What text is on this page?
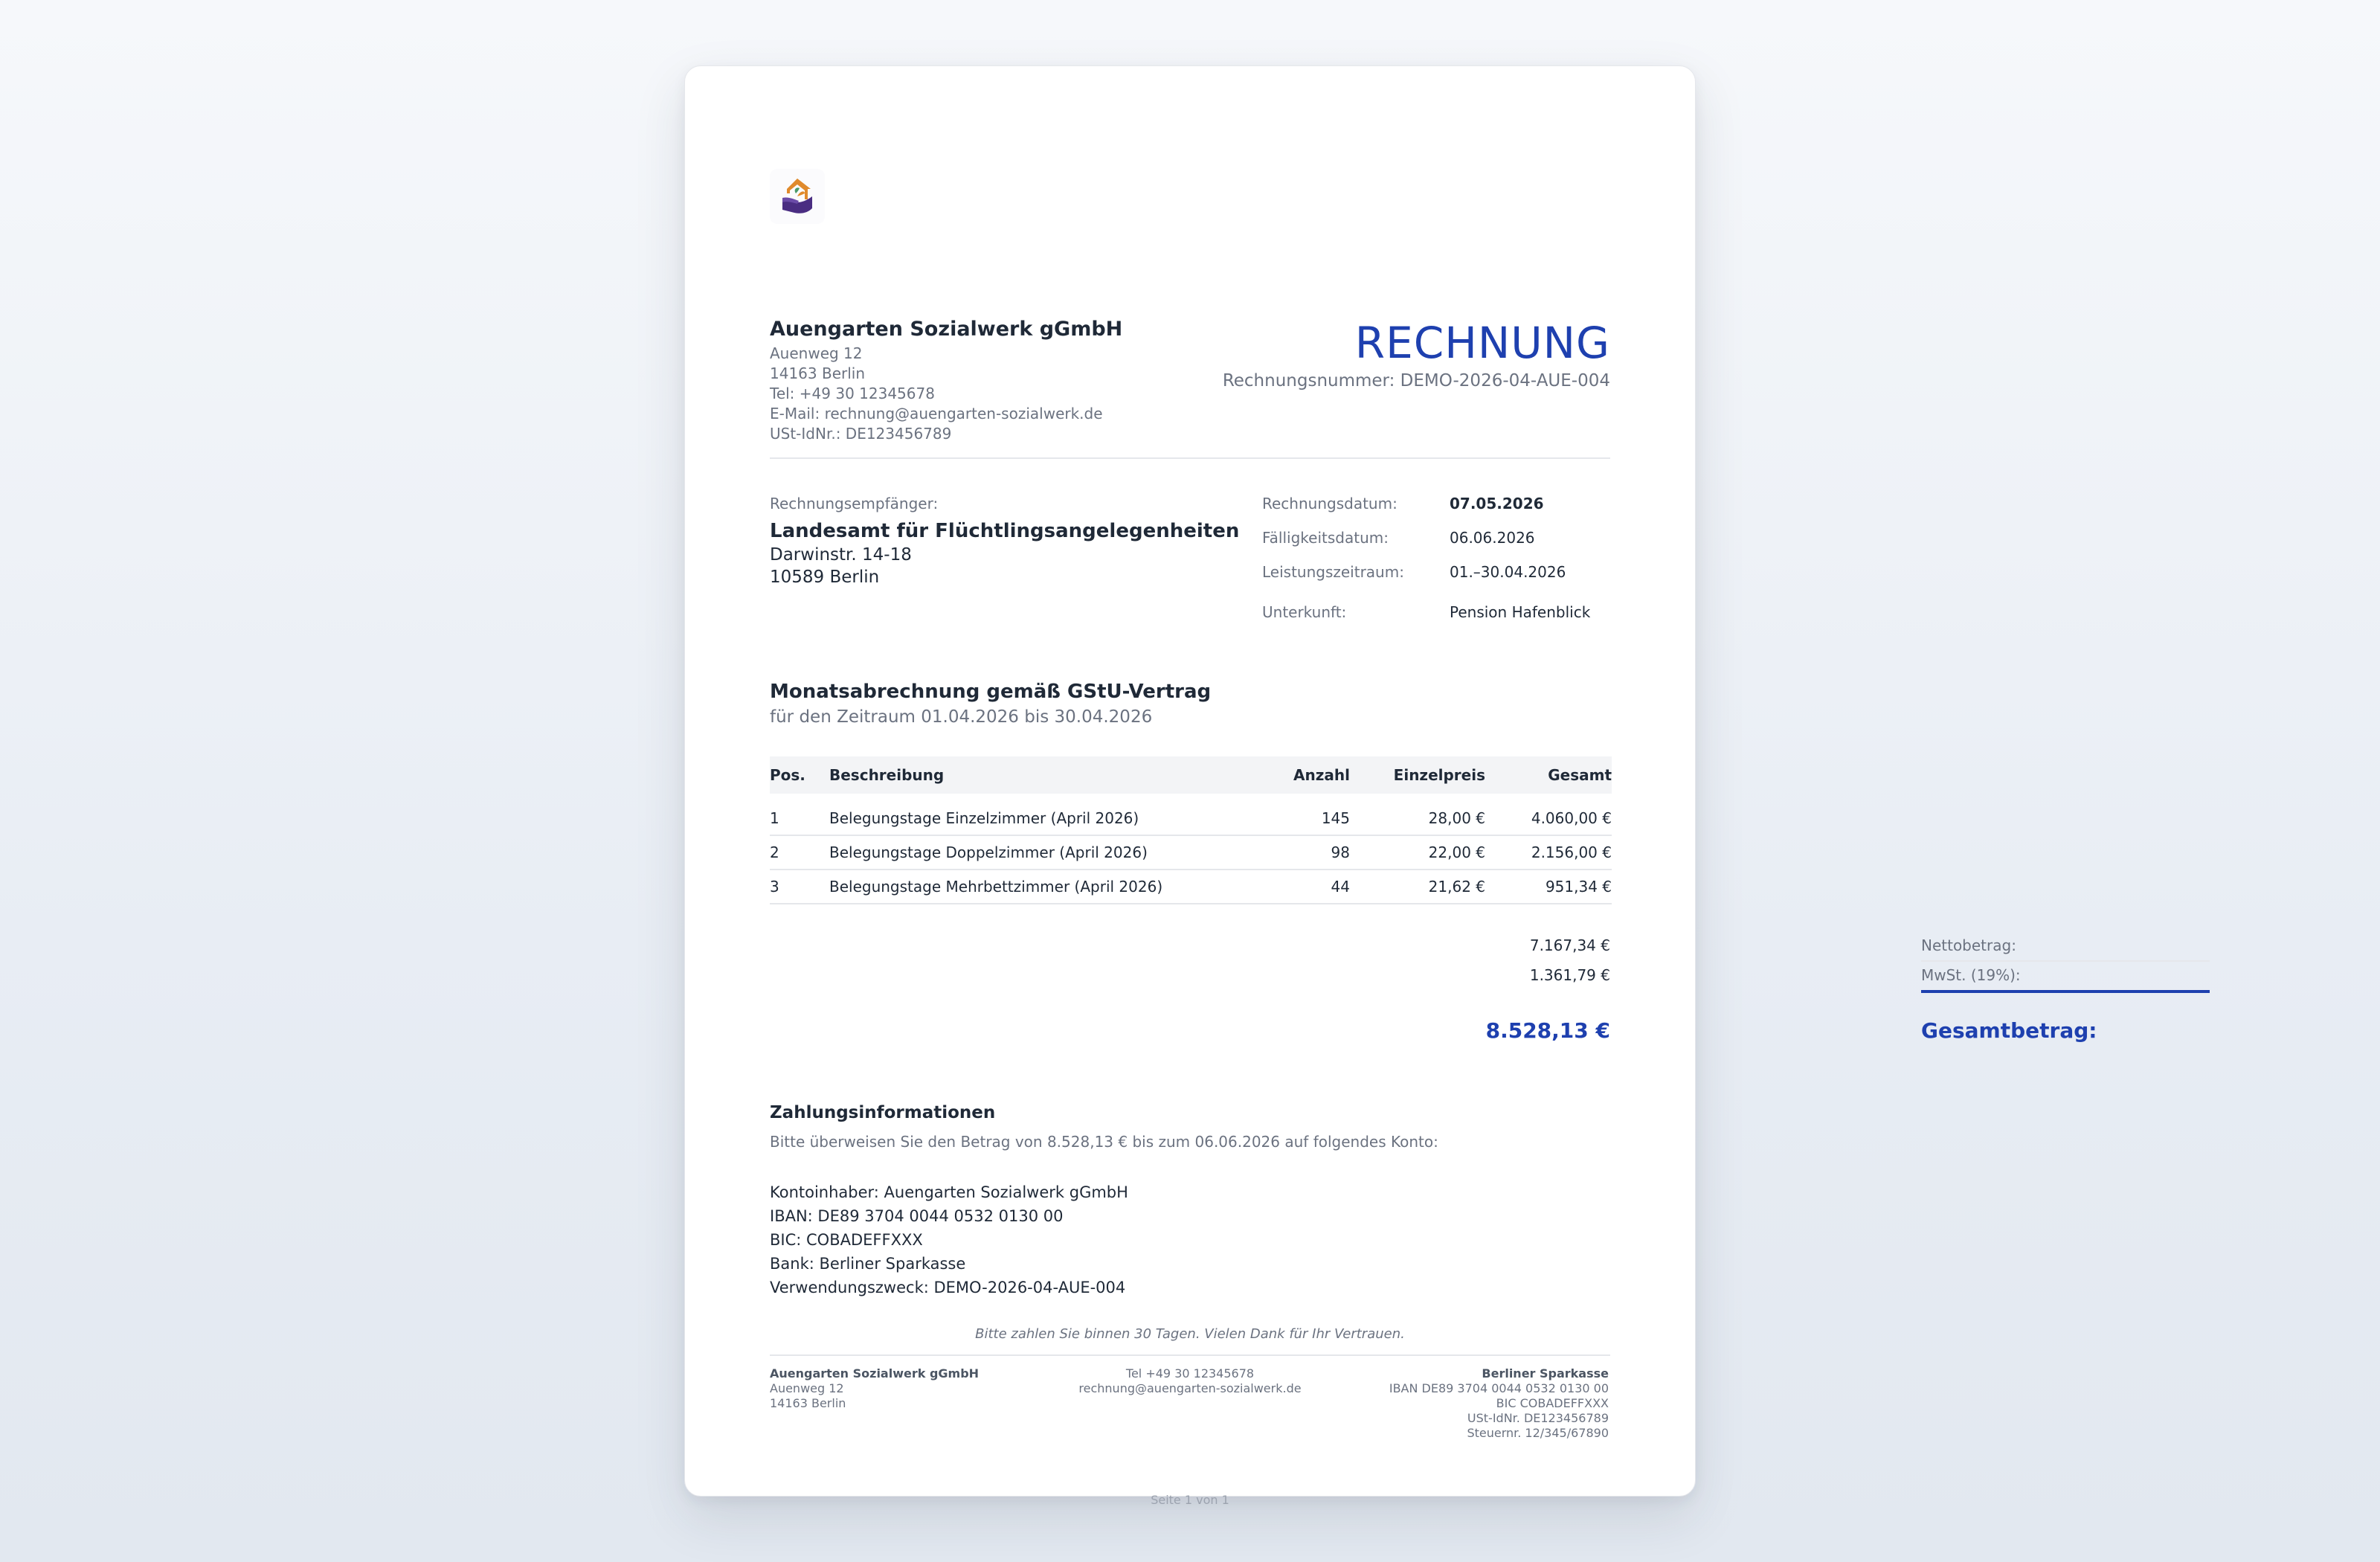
Auengarten Sozialwerk gGmbH
Auenweg 12
14163 Berlin
Tel: +49 30 12345678
E-Mail: rechnung@auengarten-sozialwerk.de
USt-IdNr.: DE123456789
RECHNUNG
Rechnungsnummer: DEMO-2026-04-AUE-004
Rechnungsempfänger:
Landesamt für Flüchtlingsangelegenheiten
Darwinstr. 14-18
10589 Berlin
Rechnungsdatum:	07.05.2026
Fälligkeitsdatum:	06.06.2026
Leistungszeitraum:	01.–30.04.2026
Unterkunft:	Pension Hafenblick
Monatsabrechnung gemäß GStU-Vertrag
für den Zeitraum 01.04.2026 bis 30.04.2026
Pos.	Beschreibung	Anzahl	Einzelpreis	Gesamt
1	Belegungstage Einzelzimmer (April 2026)	145	28,00 €	4.060,00 €
2	Belegungstage Doppelzimmer (April 2026)	98	22,00 €	2.156,00 €
3	Belegungstage Mehrbettzimmer (April 2026)	44	21,62 €	951,34 €
Nettobetrag:
7.167,34 €
MwSt. (19%):
1.361,79 €
Gesamtbetrag:
8.528,13 €
Zahlungsinformationen
Bitte überweisen Sie den Betrag von 8.528,13 € bis zum 06.06.2026 auf folgendes Konto:
Kontoinhaber: Auengarten Sozialwerk gGmbH
IBAN: DE89 3704 0044 0532 0130 00
BIC: COBADEFFXXX
Bank: Berliner Sparkasse
Verwendungszweck: DEMO-2026-04-AUE-004
Bitte zahlen Sie binnen 30 Tagen. Vielen Dank für Ihr Vertrauen.
Auengarten Sozialwerk gGmbH
Auenweg 12
14163 Berlin
Tel +49 30 12345678
rechnung@auengarten-sozialwerk.de
Berliner Sparkasse
IBAN DE89 3704 0044 0532 0130 00
BIC COBADEFFXXX
USt-IdNr. DE123456789
Steuernr. 12/345/67890
Seite 1 von 1
